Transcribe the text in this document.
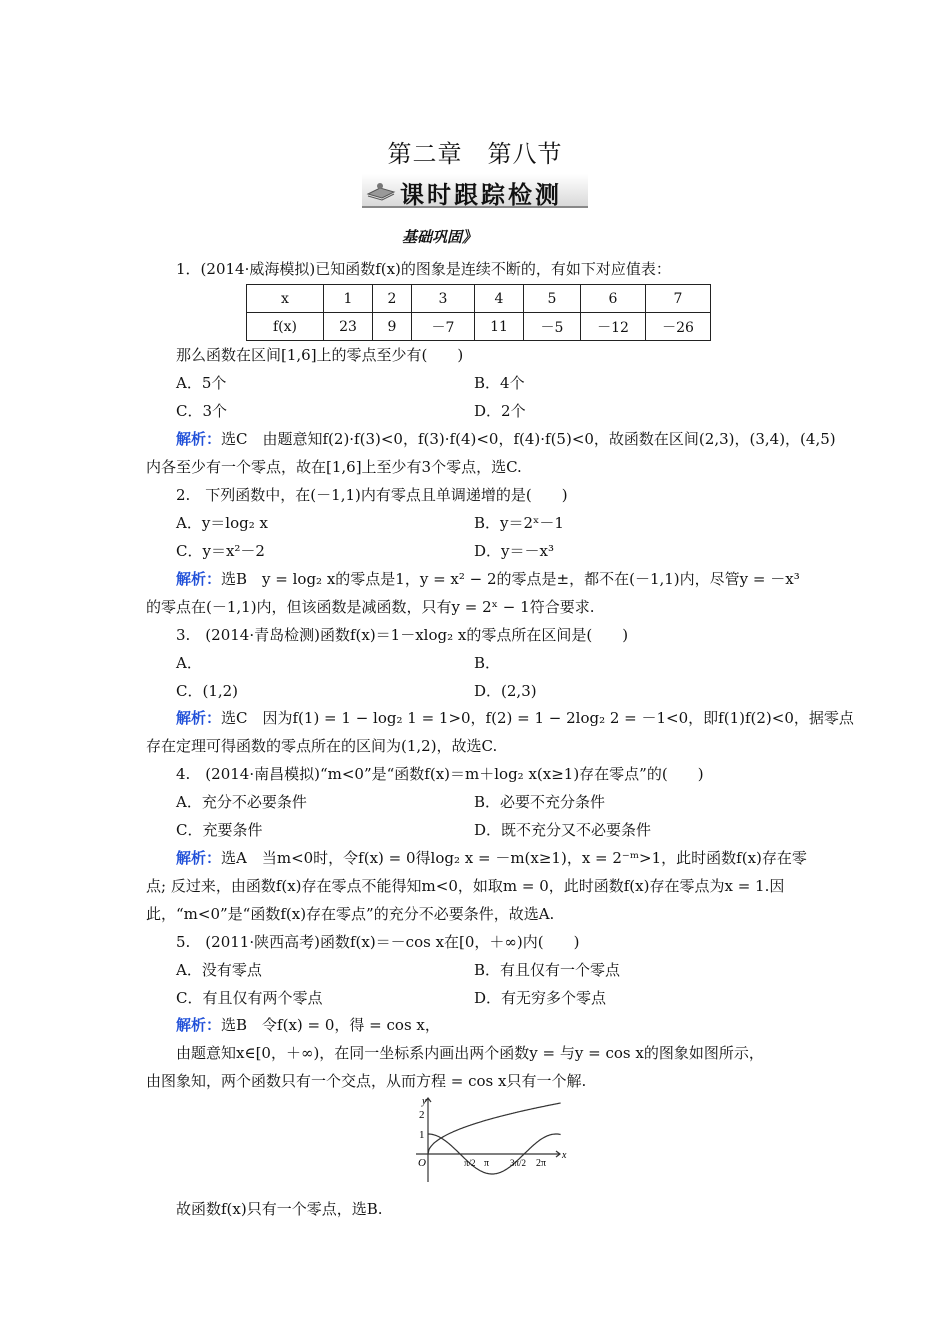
第二章　第八节
课时跟踪检测
基础巩固》
1．(2014·威海模拟)已知函数f(x)的图象是连续不断的，有如下对应值表：
x	1	2	3	4	5	6	7
f(x)	23	9	－7	11	－5	－12	－26
那么函数在区间[1,6]上的零点至少有(　　)
A．5个	B．4个
C．3个	D．2个
解析：选C　由题意知f(2)·f(3)<0，f(3)·f(4)<0，f(4)·f(5)<0，故函数在区间(2,3)，(3,4)，(4,5)
内各至少有一个零点，故在[1,6]上至少有3个零点，选C.
2.　下列函数中，在(－1,1)内有零点且单调递增的是(　　)
A．y＝log₂ x	B．y＝2ˣ－1
C．y＝x²－2	D．y＝－x³
解析：选B　y = log₂ x的零点是1，y = x² − 2的零点是±，都不在(－1,1)内，尽管y = －x³
的零点在(－1,1)内，但该函数是减函数，只有y = 2ˣ − 1符合要求.
3.　(2014·青岛检测)函数f(x)＝1－xlog₂ x的零点所在区间是(　　)
A．	B．
C．(1,2)	D．(2,3)
解析：选C　因为f(1) = 1 − log₂ 1 = 1>0，f(2) = 1 − 2log₂ 2 = －1<0，即f(1)f(2)<0，据零点
存在定理可得函数的零点所在的区间为(1,2)，故选C.
4.　(2014·南昌模拟)“m<0”是“函数f(x)＝m＋log₂ x(x≥1)存在零点”的(　　)
A．充分不必要条件	B．必要不充分条件
C．充要条件	D．既不充分又不必要条件
解析：选A　当m<0时，令f(x) = 0得log₂ x = －m(x≥1)，x = 2⁻ᵐ>1，此时函数f(x)存在零
点; 反过来，由函数f(x)存在零点不能得知m<0，如取m = 0，此时函数f(x)存在零点为x = 1.因
此，“m<0”是“函数f(x)存在零点”的充分不必要条件，故选A.
5.　(2011·陕西高考)函数f(x)＝－cos x在[0，＋∞)内(　　)
A．没有零点	B．有且仅有一个零点
C．有且仅有两个零点	D．有无穷多个零点
解析：选B　令f(x) = 0，得 = cos x，
由题意知x∈[0，＋∞)，在同一坐标系内画出两个函数y = 与y = cos x的图象如图所示，
由图象知，两个函数只有一个交点，从而方程 = cos x只有一个解.
y
x
O
2
1
π/2 π 3π/2 2π
故函数f(x)只有一个零点，选B.
